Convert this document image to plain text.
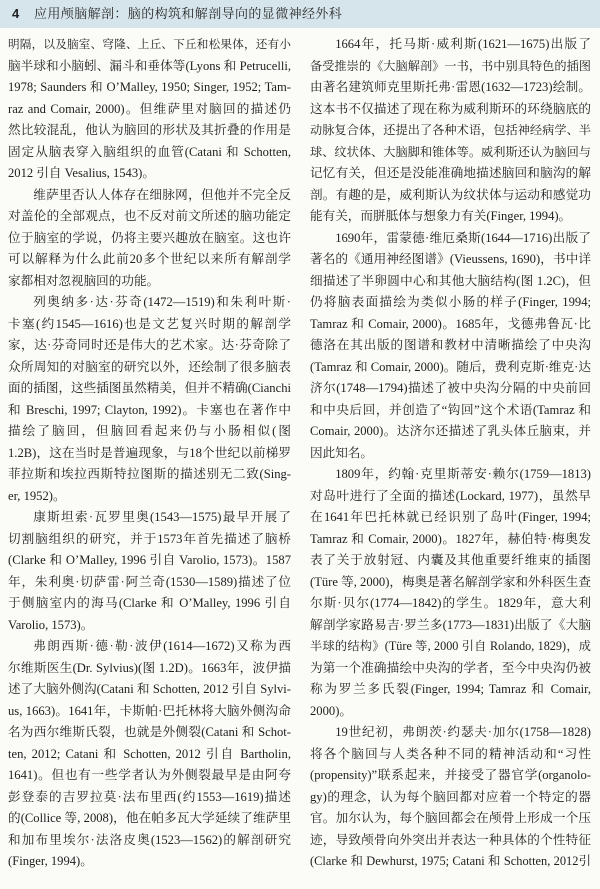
4 应用颅脑解剖：脑的构筑和解剖导向的显微神经外科
明隔，以及脑室、穹隆、上丘、下丘和松果体，还有小
脑半球和小脑蚓、漏斗和垂体等(Lyons 和 Petrucelli,
1978; Saunders 和 O’Malley, 1950; Singer, 1952; Tam-
raz and Comair, 2000)。但维萨里对脑回的描述仍
然比较混乱，他认为脑回的形状及其折叠的作用是
固定从脑表穿入脑组织的血管(Catani 和 Schotten,
2012 引自 Vesalius, 1543)。
维萨里否认人体存在细脉网，但他并不完全反
对盖伦的全部观点，也不反对前文所述的脑功能定
位于脑室的学说，仍将主要兴趣放在脑室。这也许
可以解释为什么此前20多个世纪以来所有解剖学
家都相对忽视脑回的功能。
列奥纳多·达·芬奇(1472—1519)和朱利叶斯·
卡塞(约1545—1616)也是文艺复兴时期的解剖学
家，达·芬奇同时还是伟大的艺术家。达·芬奇除了
众所周知的对脑室的研究以外，还绘制了很多脑表
面的插图，这些插图虽然精美，但并不精确(Cianchi
和 Breschi, 1997; Clayton, 1992)。卡塞也在著作中
描绘了脑回，但脑回看起来仍与小肠相似(图
1.2B)，这在当时是普遍现象，与18个世纪以前梯罗
菲拉斯和埃拉西斯特拉图斯的描述别无二致(Sing-
er, 1952)。
康斯坦索·瓦罗里奥(1543—1575)最早开展了
切割脑组织的研究，并于1573年首先描述了脑桥
(Clarke 和 O’Malley, 1996 引自 Varolio, 1573)。1587
年，朱利奥·切萨雷·阿兰奇(1530—1589)描述了位
于侧脑室内的海马(Clarke 和 O’Malley, 1996 引自
Varolio, 1573)。
弗朗西斯·德·勒·波伊(1614—1672)又称为西
尔维斯医生(Dr. Sylvius)(图 1.2D)。1663年，波伊描
述了大脑外侧沟(Catani 和 Schotten, 2012 引自 Sylvi-
us, 1663)。1641年，卡斯帕·巴托林将大脑外侧沟命
名为西尔维斯氏裂，也就是外侧裂(Catani 和 Schot-
ten, 2012; Catani 和 Schotten, 2012 引自 Bartholin,
1641)。但也有一些学者认为外侧裂最早是由阿夸
彭登泰的吉罗拉莫·法布里西(约1553—1619)描述
的(Collice 等, 2008)，他在帕多瓦大学延续了维萨里
和加布里埃尔·法洛皮奥(1523—1562)的解剖研究
(Finger, 1994)。
1664年，托马斯·威利斯(1621—1675)出版了
备受推崇的《大脑解剖》一书，书中别具特色的插图
由著名建筑师克里斯托弗·雷恩(1632—1723)绘制。
这本书不仅描述了现在称为威利斯环的环绕脑底的
动脉复合体，还提出了各种术语，包括神经病学、半
球、纹状体、大脑脚和锥体等。威利斯还认为脑回与
记忆有关，但还是没能准确地描述脑回和脑沟的解
剖。有趣的是，威利斯认为纹状体与运动和感觉功
能有关，而胼胝体与想象力有关(Finger, 1994)。
1690年，雷蒙德·维厄桑斯(1644—1716)出版了
著名的《通用神经图谱》(Vieussens, 1690)，书中详
细描述了半卵圆中心和其他大脑结构(图 1.2C)，但
仍将脑表面描绘为类似小肠的样子(Finger, 1994;
Tamraz 和 Comair, 2000)。1685年，戈德弗鲁瓦·比
德洛在其出版的图谱和教材中清晰描绘了中央沟
(Tamraz 和 Comair, 2000)。随后，费利克斯·维克·达
济尔(1748—1794)描述了被中央沟分隔的中央前回
和中央后回，并创造了“钩回”这个术语(Tamraz 和
Comair, 2000)。达济尔还描述了乳头体丘脑束，并
因此知名。
1809年，约翰·克里斯蒂安·赖尔(1759—1813)
对岛叶进行了全面的描述(Lockard, 1977)，虽然早
在1641年巴托林就已经识别了岛叶(Finger, 1994;
Tamraz 和 Comair, 2000)。1827年，赫伯特·梅奥发
表了关于放射冠、内囊及其他重要纤维束的插图
(Türe 等, 2000)，梅奥是著名解剖学家和外科医生查
尔斯·贝尔(1774—1842)的学生。1829年，意大利
解剖学家路易吉·罗兰多(1773—1831)出版了《大脑
半球的结构》(Türe 等, 2000 引自 Rolando, 1829)，成
为第一个准确描绘中央沟的学者，至今中央沟仍被
称为罗兰多氏裂(Finger, 1994; Tamraz 和 Comair,
2000)。
19世纪初，弗朗茨·约瑟夫·加尔(1758—1828)
将各个脑回与人类各种不同的精神活动和“习性
(propensity)”联系起来，并接受了器官学(organolo-
gy)的理念，认为每个脑回都对应着一个特定的器
官。加尔认为，每个脑回都会在颅骨上形成一个压
迹，导致颅骨向外突出并表达一种具体的个性特征
(Clarke 和 Dewhurst, 1975; Catani 和 Schotten, 2012引
